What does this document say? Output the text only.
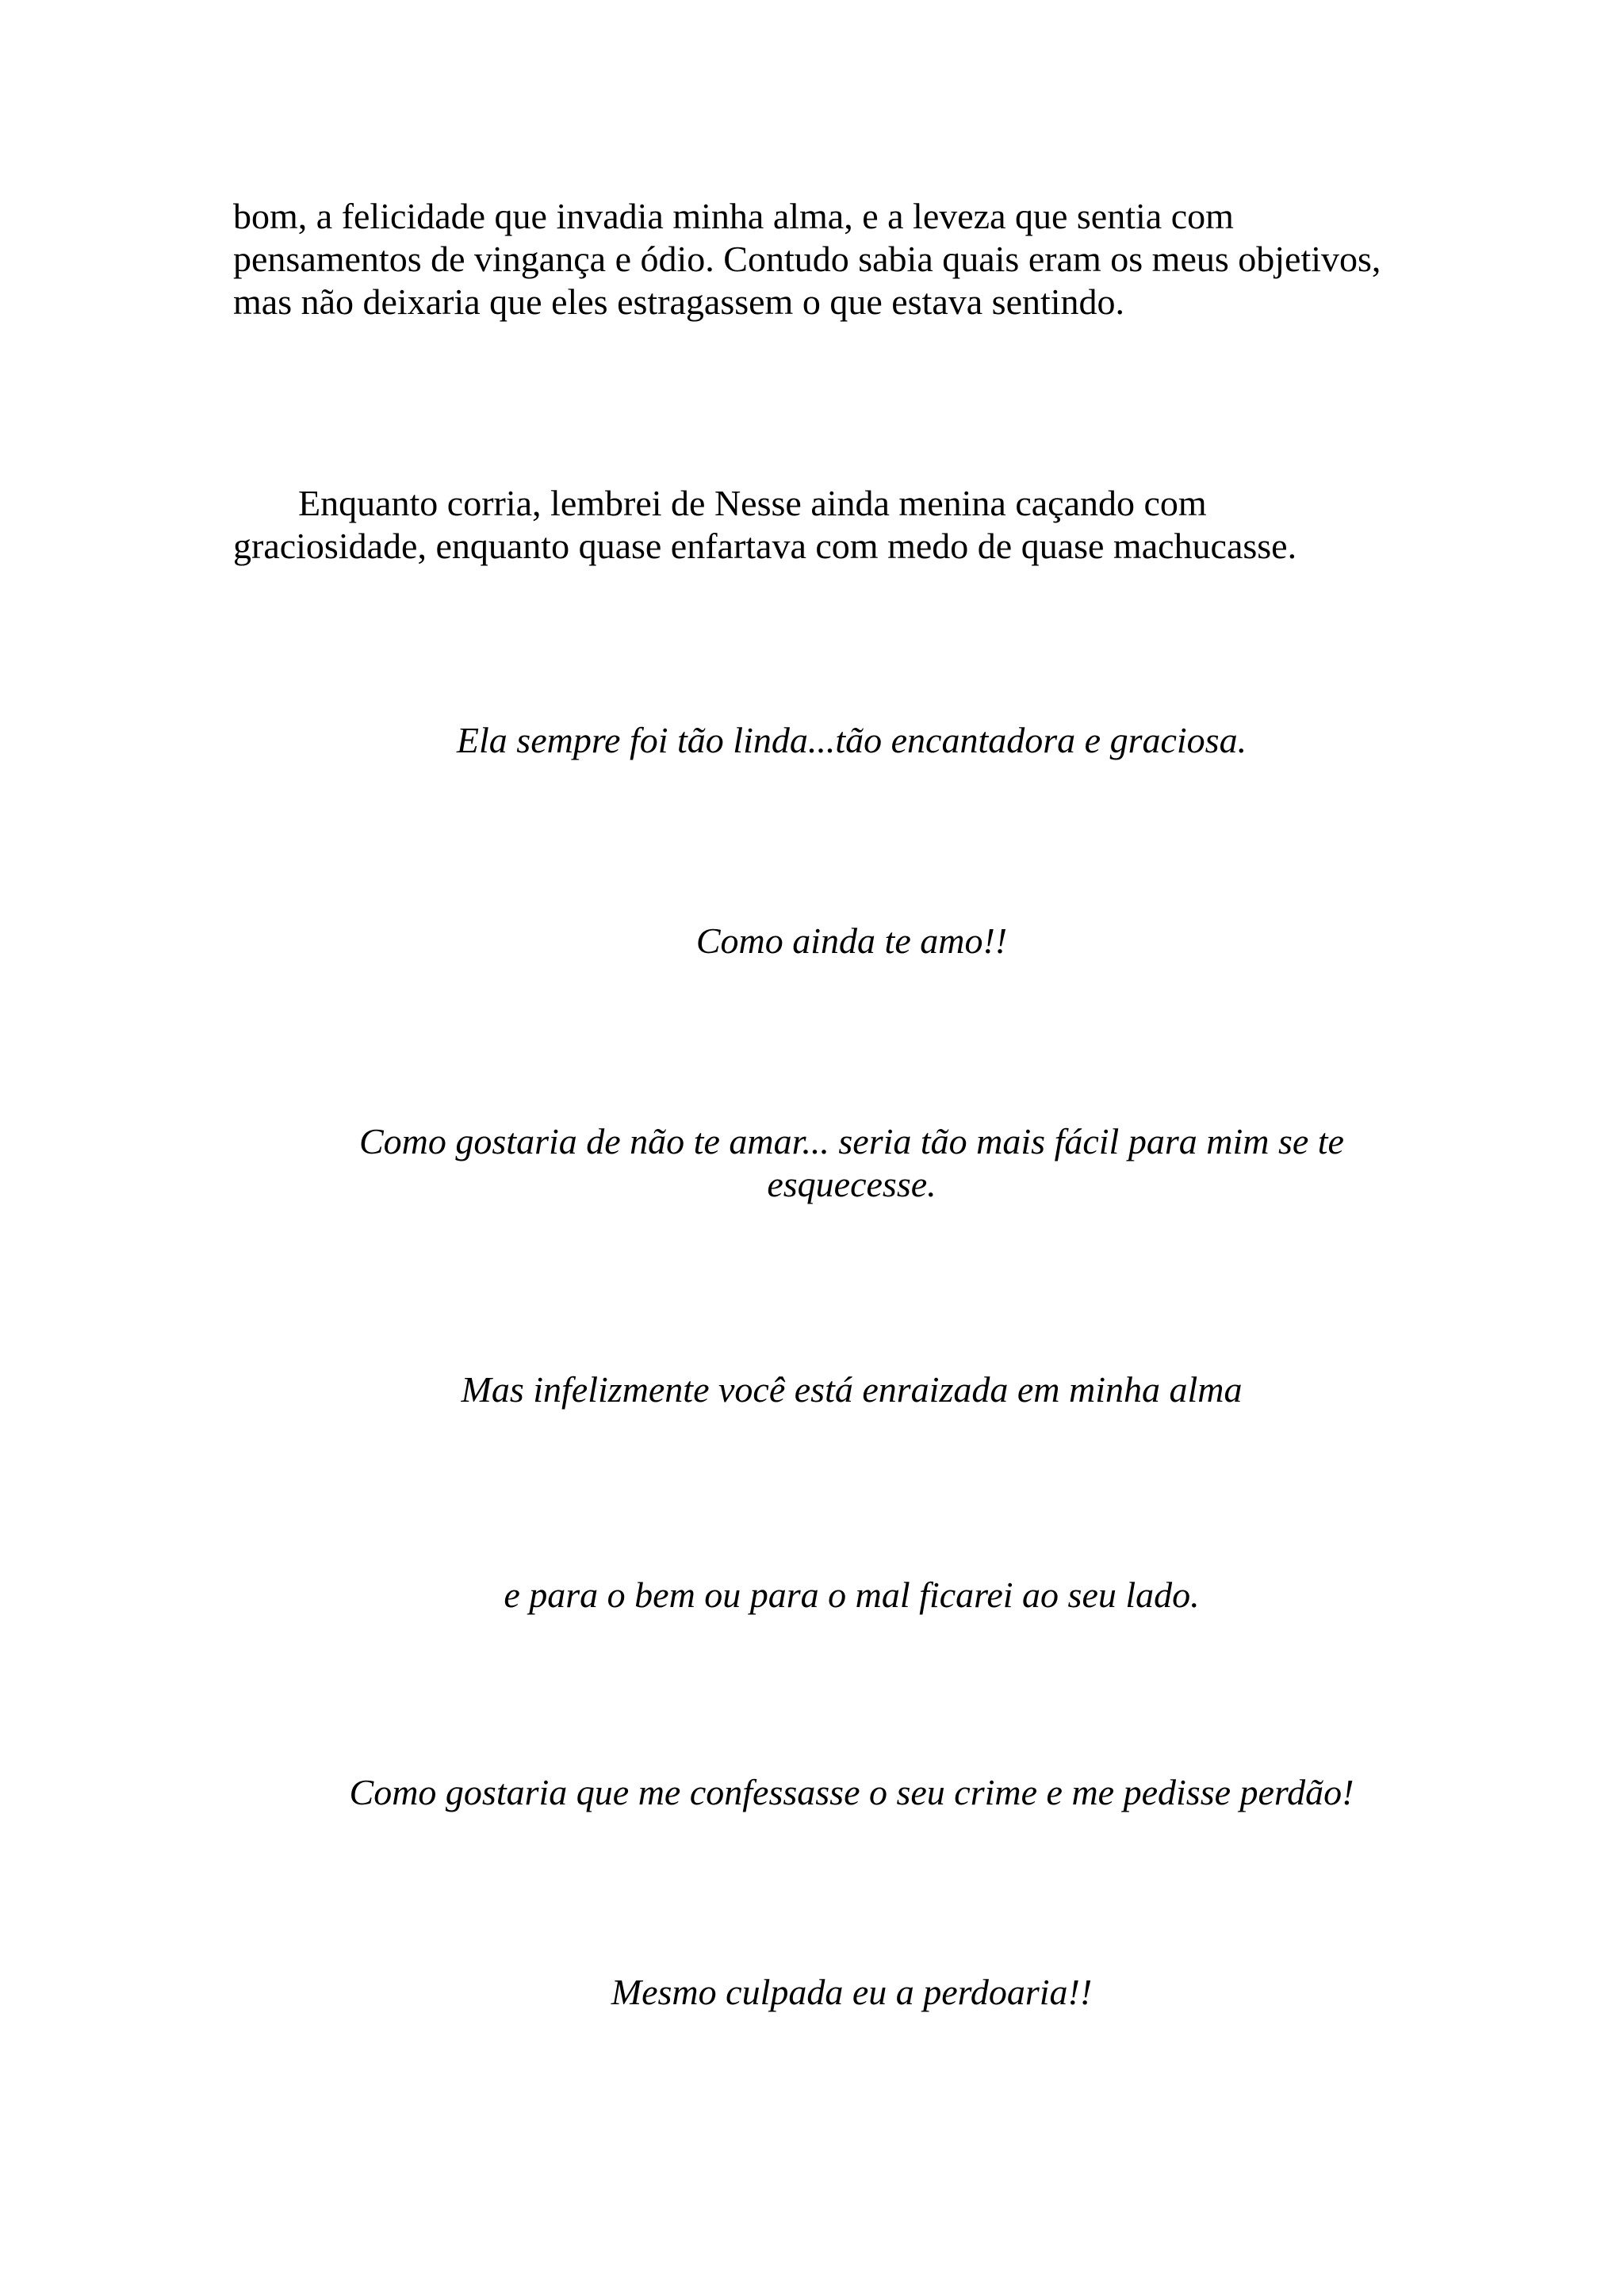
bom, a felicidade que invadia minha alma, e a leveza que sentia com
pensamentos de vingança e ódio. Contudo sabia quais eram os meus objetivos,
mas não deixaria que eles estragassem o que estava sentindo.

Enquanto corria, lembrei de Nesse ainda menina caçando com
graciosidade, enquanto quase enfartava com medo de quase machucasse.

Ela sempre foi tão linda...tão encantadora e graciosa.

Como ainda te amo!!

Como gostaria de não te amar... seria tão mais fácil para mim se te
esquecesse.

Mas infelizmente você está enraizada em minha alma

e para o bem ou para o mal ficarei ao seu lado.

Como gostaria que me confessasse o seu crime e me pedisse perdão!

Mesmo culpada eu a perdoaria!!
